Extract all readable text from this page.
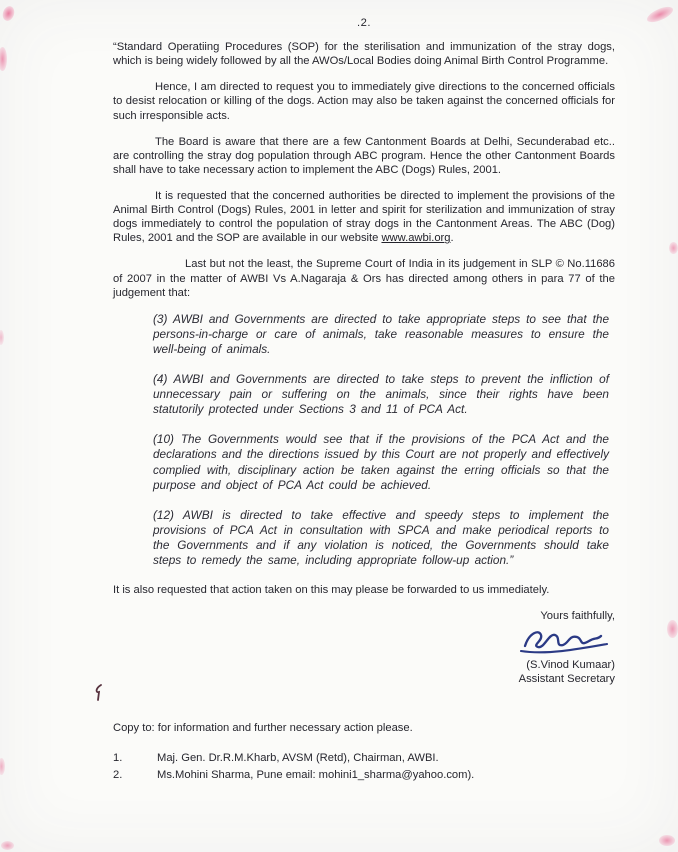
.2.

“Standard Operatiing Procedures (SOP) for the sterilisation and immunization of the stray dogs, which is being widely followed by all the AWOs/Local Bodies doing Animal Birth Control Programme.

Hence, I am directed to request you to immediately give directions to the concerned officials to desist relocation or killing of the dogs. Action may also be taken against the concerned officials for such irresponsible acts.

The Board is aware that there are a few Cantonment Boards at Delhi, Secunderabad etc.. are controlling the stray dog population through ABC program. Hence the other Cantonment Boards shall have to take necessary action to implement the ABC (Dogs) Rules, 2001.

It is requested that the concerned authorities be directed to implement the provisions of the Animal Birth Control (Dogs) Rules, 2001 in letter and spirit for sterilization and immunization of stray dogs immediately to control the population of stray dogs in the Cantonment Areas. The ABC (Dog) Rules, 2001 and the SOP are available in our website www.awbi.org.

Last but not the least, the Supreme Court of India in its judgement in SLP © No.11686 of 2007 in the matter of AWBI Vs A.Nagaraja & Ors has directed among others in para 77 of the judgement that:

(3) AWBI and Governments are directed to take appropriate steps to see that the persons-in-charge or care of animals, take reasonable measures to ensure the well-being of animals.

(4) AWBI and Governments are directed to take steps to prevent the infliction of unnecessary pain or suffering on the animals, since their rights have been statutorily protected under Sections 3 and 11 of PCA Act.

(10) The Governments would see that if the provisions of the PCA Act and the declarations and the directions issued by this Court are not properly and effectively complied with, disciplinary action be taken against the erring officials so that the purpose and object of PCA Act could be achieved.

(12) AWBI is directed to take effective and speedy steps to implement the provisions of PCA Act in consultation with SPCA and make periodical reports to the Governments and if any violation is noticed, the Governments should take steps to remedy the same, including appropriate follow-up action.”

It is also requested that action taken on this may please be forwarded to us immediately.

Yours faithfully,
(S.Vinod Kumaar)
Assistant Secretary
Copy to: for information and further necessary action please.
1.	Maj. Gen. Dr.R.M.Kharb, AVSM (Retd), Chairman, AWBI.
2.	Ms.Mohini Sharma, Pune email: mohini1_sharma@yahoo.com).
